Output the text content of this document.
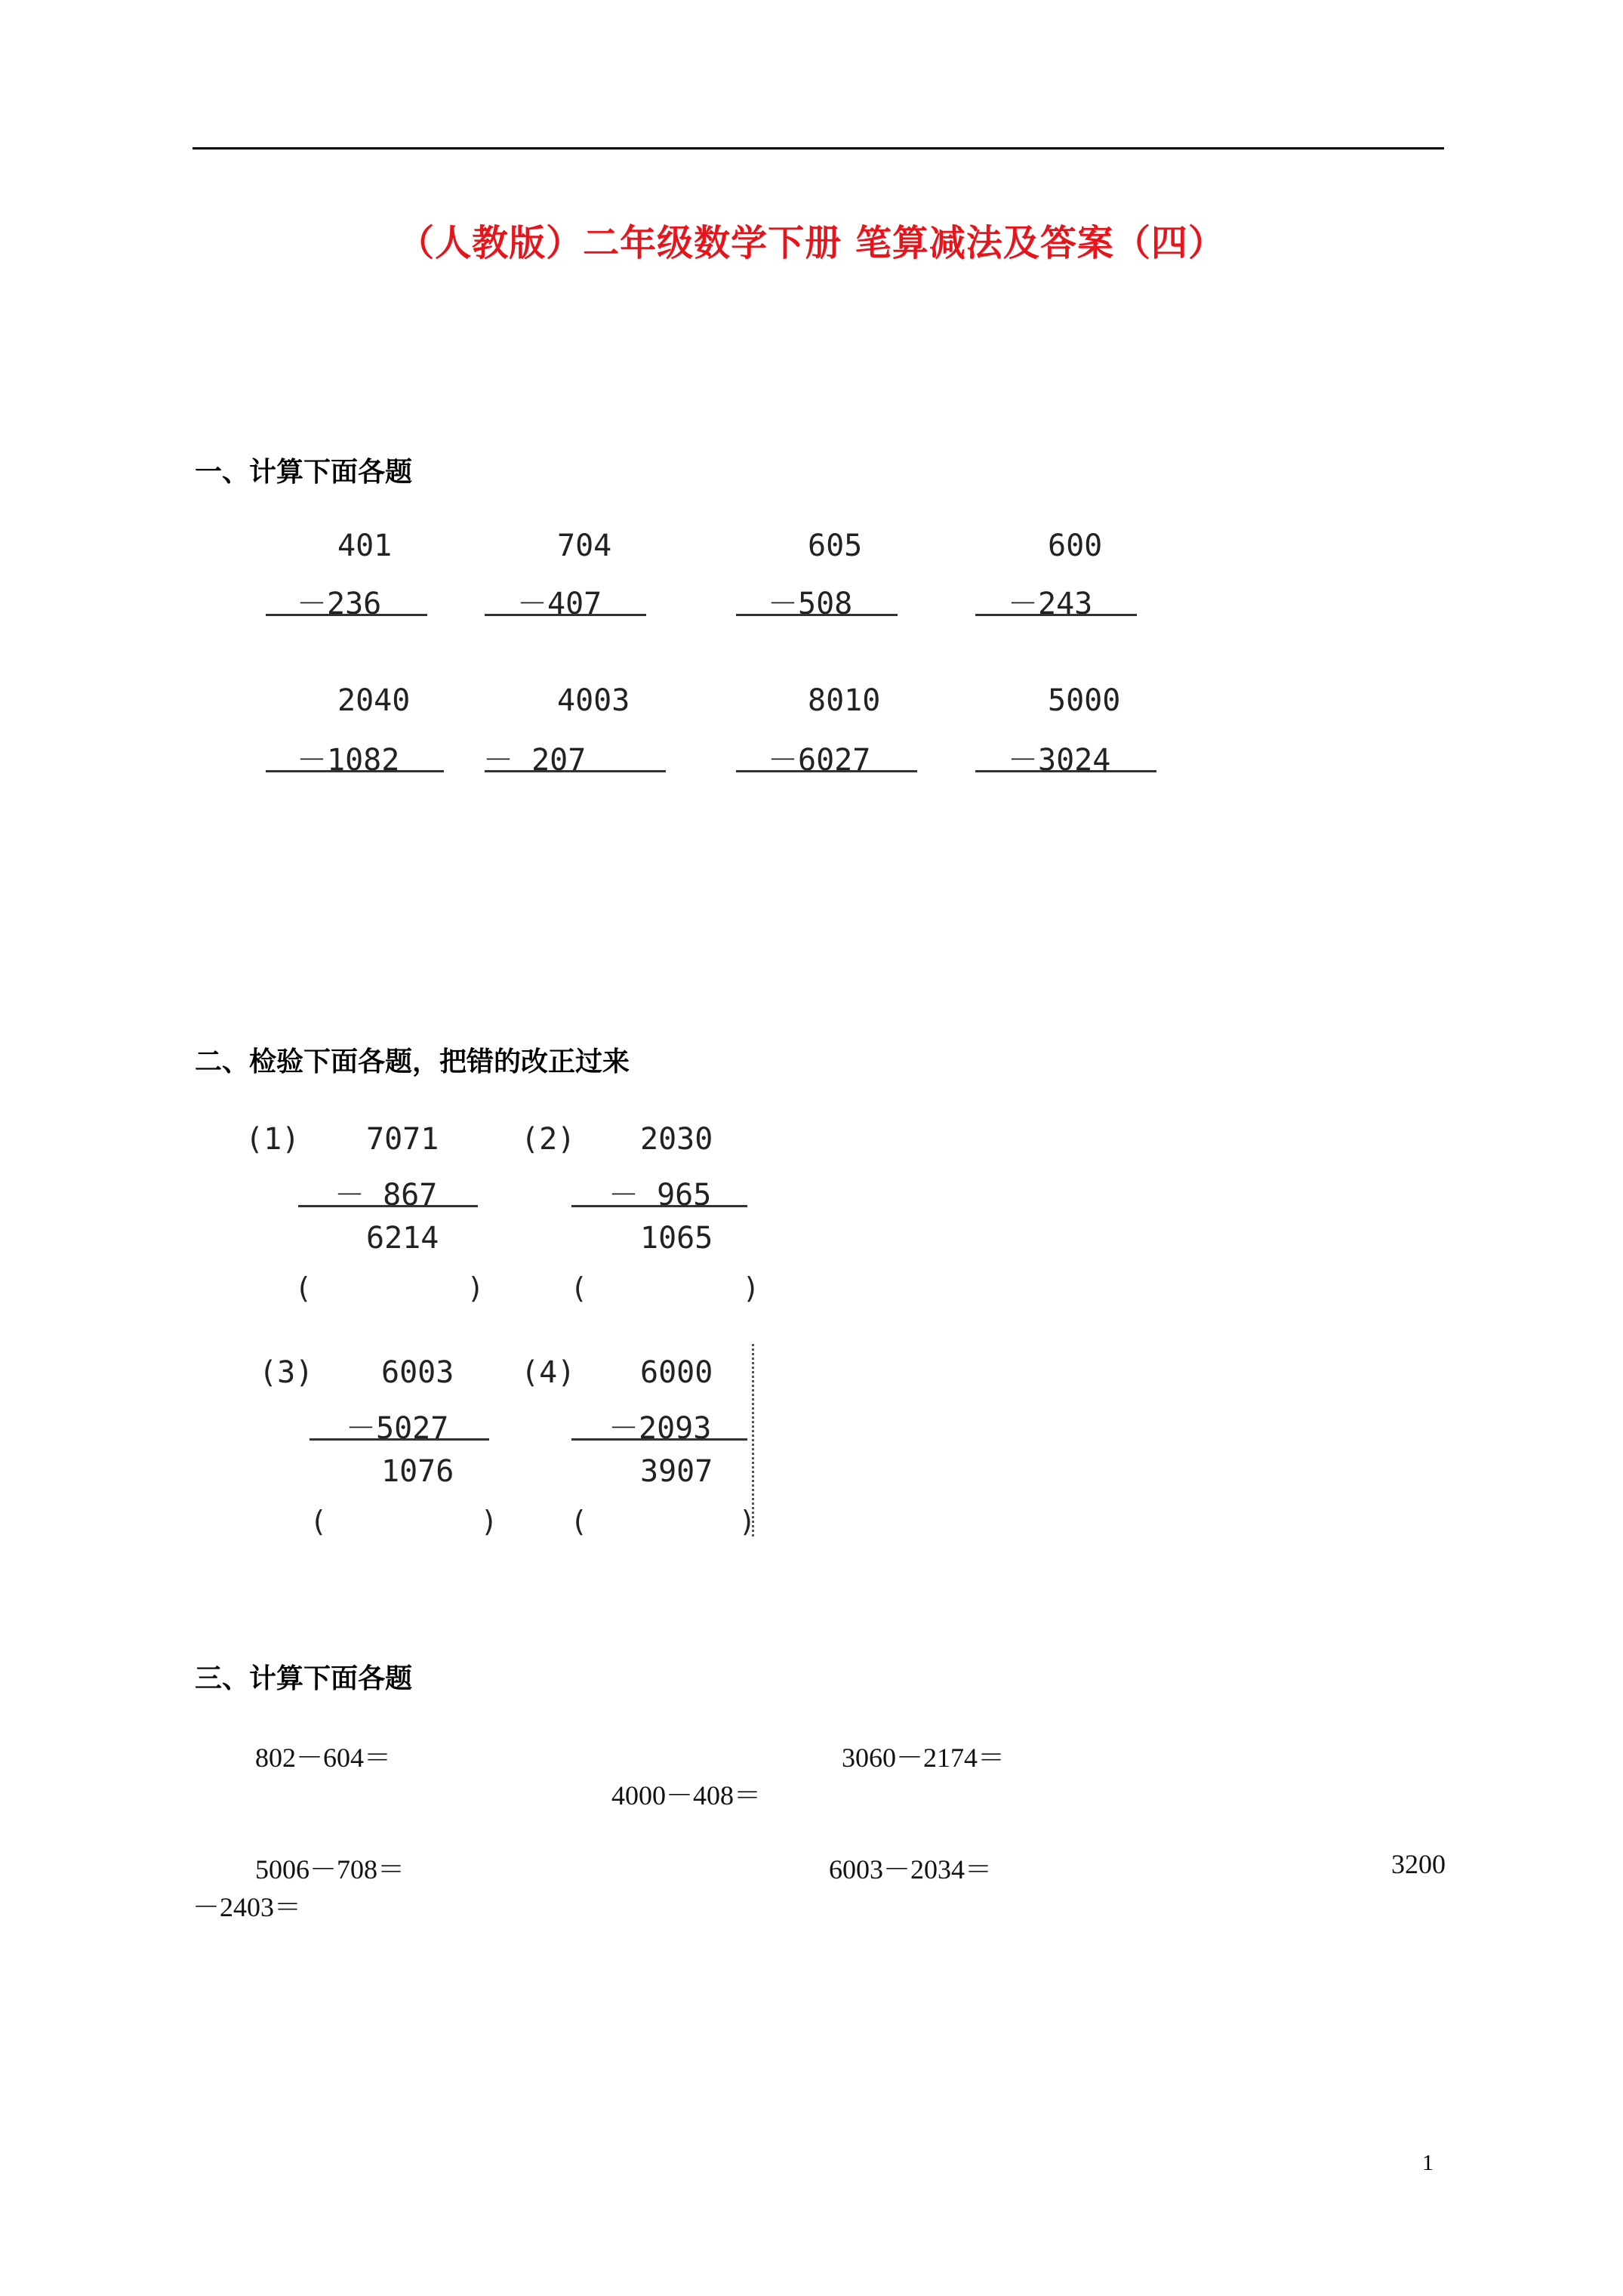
（人教版）二年级数学下册 笔算减法及答案（四）
一、计算下面各题
401
－236
704
－407
605
－508
600
－243
2040
－1082
4003
－ 207
8010
－6027
5000
－3024
二、检验下面各题，把错的改正过来
(1) 7071
－ 867
6214
(	)
(2) 2030
－ 965
1065
(	)
(3) 6003
－5027
1076
(	)
(4) 6000
－2093
3907
(	)
三、计算下面各题
802－604＝	3060－2174＝
4000－408＝
5006－708＝	6003－2034＝	3200
－2403＝
1
